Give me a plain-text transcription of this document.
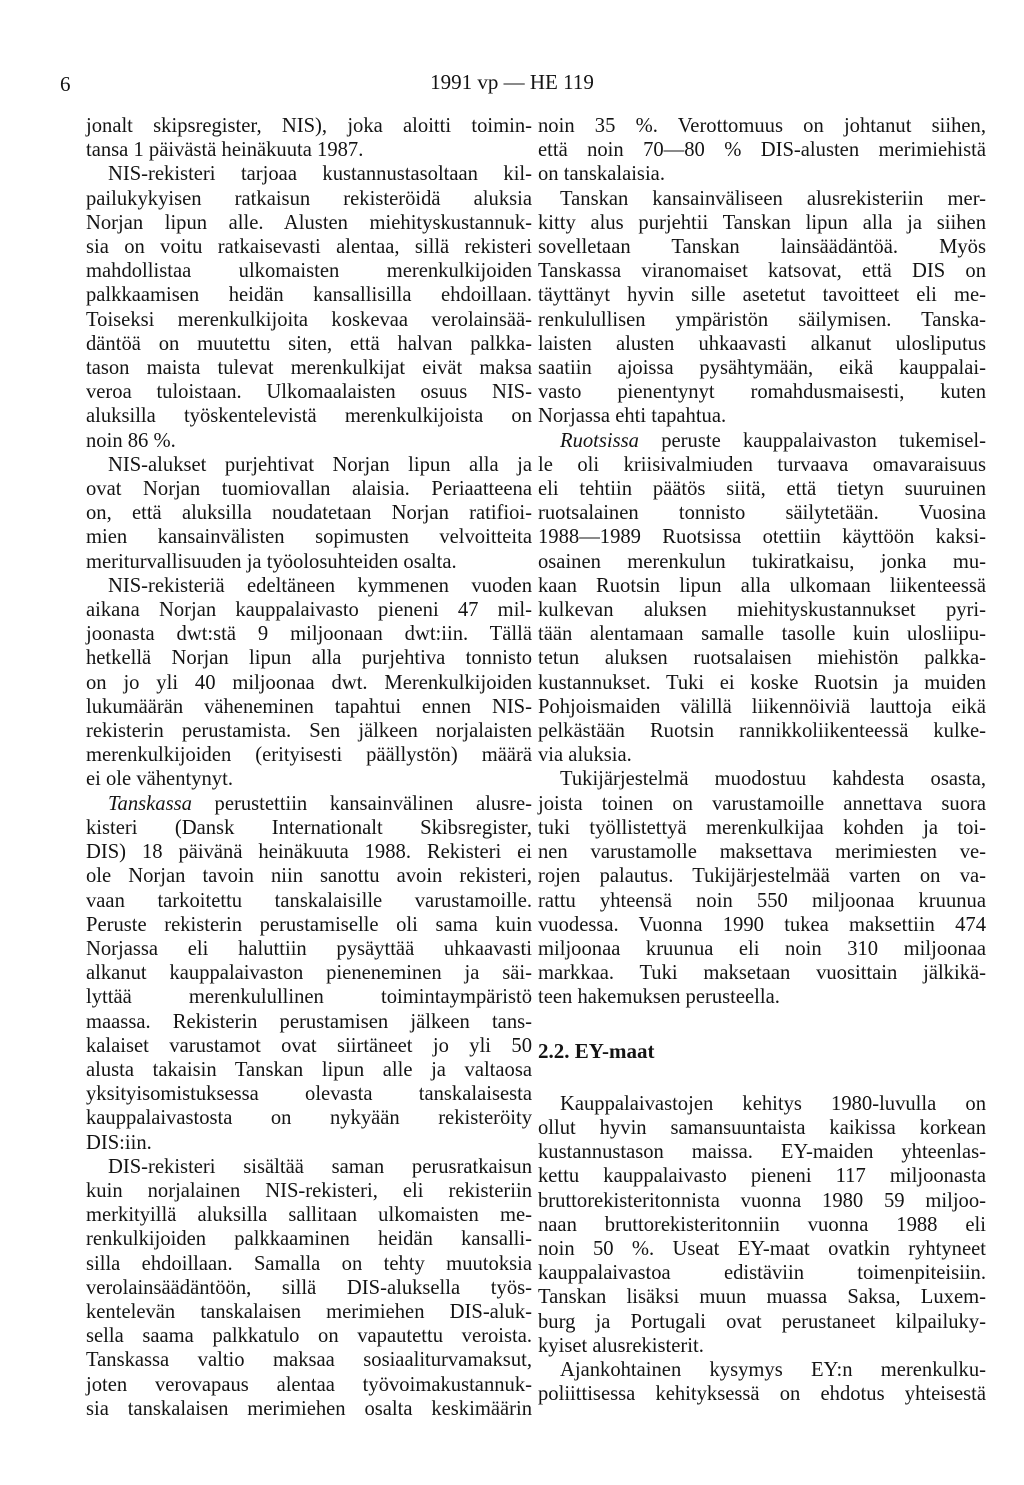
6	1991 vp — HE 119
jonalt skipsregister, NIS), joka aloitti toimin-
tansa 1 päivästä heinäkuuta 1987.
NIS-rekisteri tarjoaa kustannustasoltaan kil-
pailukykyisen ratkaisun rekisteröidä aluksia
Norjan lipun alle. Alusten miehityskustannuk-
sia on voitu ratkaisevasti alentaa, sillä rekisteri
mahdollistaa ulkomaisten merenkulkijoiden
palkkaamisen heidän kansallisilla ehdoillaan.
Toiseksi merenkulkijoita koskevaa verolainsää-
däntöä on muutettu siten, että halvan palkka-
tason maista tulevat merenkulkijat eivät maksa
veroa tuloistaan. Ulkomaalaisten osuus NIS-
aluksilla työskentelevistä merenkulkijoista on
noin 86 %.
NIS-alukset purjehtivat Norjan lipun alla ja
ovat Norjan tuomiovallan alaisia. Periaatteena
on, että aluksilla noudatetaan Norjan ratifioi-
mien kansainvälisten sopimusten velvoitteita
meriturvallisuuden ja työolosuhteiden osalta.
NIS-rekisteriä edeltäneen kymmenen vuoden
aikana Norjan kauppalaivasto pieneni 47 mil-
joonasta dwt:stä 9 miljoonaan dwt:iin. Tällä
hetkellä Norjan lipun alla purjehtiva tonnisto
on jo yli 40 miljoonaa dwt. Merenkulkijoiden
lukumäärän väheneminen tapahtui ennen NIS-
rekisterin perustamista. Sen jälkeen norjalaisten
merenkulkijoiden (erityisesti päällystön) määrä
ei ole vähentynyt.
Tanskassa perustettiin kansainvälinen alusre-
kisteri (Dansk Internationalt Skibsregister,
DIS) 18 päivänä heinäkuuta 1988. Rekisteri ei
ole Norjan tavoin niin sanottu avoin rekisteri,
vaan tarkoitettu tanskalaisille varustamoille.
Peruste rekisterin perustamiselle oli sama kuin
Norjassa eli haluttiin pysäyttää uhkaavasti
alkanut kauppalaivaston pieneneminen ja säi-
lyttää merenkulullinen toimintaympäristö
maassa. Rekisterin perustamisen jälkeen tans-
kalaiset varustamot ovat siirtäneet jo yli 50
alusta takaisin Tanskan lipun alle ja valtaosa
yksityisomistuksessa olevasta tanskalaisesta
kauppalaivastosta on nykyään rekisteröity
DIS:iin.
DIS-rekisteri sisältää saman perusratkaisun
kuin norjalainen NIS-rekisteri, eli rekisteriin
merkityillä aluksilla sallitaan ulkomaisten me-
renkulkijoiden palkkaaminen heidän kansalli-
silla ehdoillaan. Samalla on tehty muutoksia
verolainsäädäntöön, sillä DIS-aluksella työs-
kentelevän tanskalaisen merimiehen DIS-aluk-
sella saama palkkatulo on vapautettu veroista.
Tanskassa valtio maksaa sosiaaliturvamaksut,
joten verovapaus alentaa työvoimakustannuk-
sia tanskalaisen merimiehen osalta keskimäärin
noin 35 %. Verottomuus on johtanut siihen,
että noin 70—80 % DIS-alusten merimiehistä
on tanskalaisia.
Tanskan kansainväliseen alusrekisteriin mer-
kitty alus purjehtii Tanskan lipun alla ja siihen
sovelletaan Tanskan lainsäädäntöä. Myös
Tanskassa viranomaiset katsovat, että DIS on
täyttänyt hyvin sille asetetut tavoitteet eli me-
renkulullisen ympäristön säilymisen. Tanska-
laisten alusten uhkaavasti alkanut ulosliputus
saatiin ajoissa pysähtymään, eikä kauppalai-
vasto pienentynyt romahdusmaisesti, kuten
Norjassa ehti tapahtua.
Ruotsissa peruste kauppalaivaston tukemisel-
le oli kriisivalmiuden turvaava omavaraisuus
eli tehtiin päätös siitä, että tietyn suuruinen
ruotsalainen tonnisto säilytetään. Vuosina
1988—1989 Ruotsissa otettiin käyttöön kaksi-
osainen merenkulun tukiratkaisu, jonka mu-
kaan Ruotsin lipun alla ulkomaan liikenteessä
kulkevan aluksen miehityskustannukset pyri-
tään alentamaan samalle tasolle kuin ulosliipu-
tetun aluksen ruotsalaisen miehistön palkka-
kustannukset. Tuki ei koske Ruotsin ja muiden
Pohjoismaiden välillä liikennöiviä lauttoja eikä
pelkästään Ruotsin rannikkoliikenteessä kulke-
via aluksia.
Tukijärjestelmä muodostuu kahdesta osasta,
joista toinen on varustamoille annettava suora
tuki työllistettyä merenkulkijaa kohden ja toi-
nen varustamolle maksettava merimiesten ve-
rojen palautus. Tukijärjestelmää varten on va-
rattu yhteensä noin 550 miljoonaa kruunua
vuodessa. Vuonna 1990 tukea maksettiin 474
miljoonaa kruunua eli noin 310 miljoonaa
markkaa. Tuki maksetaan vuosittain jälkikä-
teen hakemuksen perusteella.
2.2. EY-maat
Kauppalaivastojen kehitys 1980-luvulla on
ollut hyvin samansuuntaista kaikissa korkean
kustannustason maissa. EY-maiden yhteenlas-
kettu kauppalaivasto pieneni 117 miljoonasta
bruttorekisteritonnista vuonna 1980 59 miljoo-
naan bruttorekisteritonniin vuonna 1988 eli
noin 50 %. Useat EY-maat ovatkin ryhtyneet
kauppalaivastoa edistäviin toimenpiteisiin.
Tanskan lisäksi muun muassa Saksa, Luxem-
burg ja Portugali ovat perustaneet kilpailuky-
kyiset alusrekisterit.
Ajankohtainen kysymys EY:n merenkulku-
poliittisessa kehityksessä on ehdotus yhteisestä
